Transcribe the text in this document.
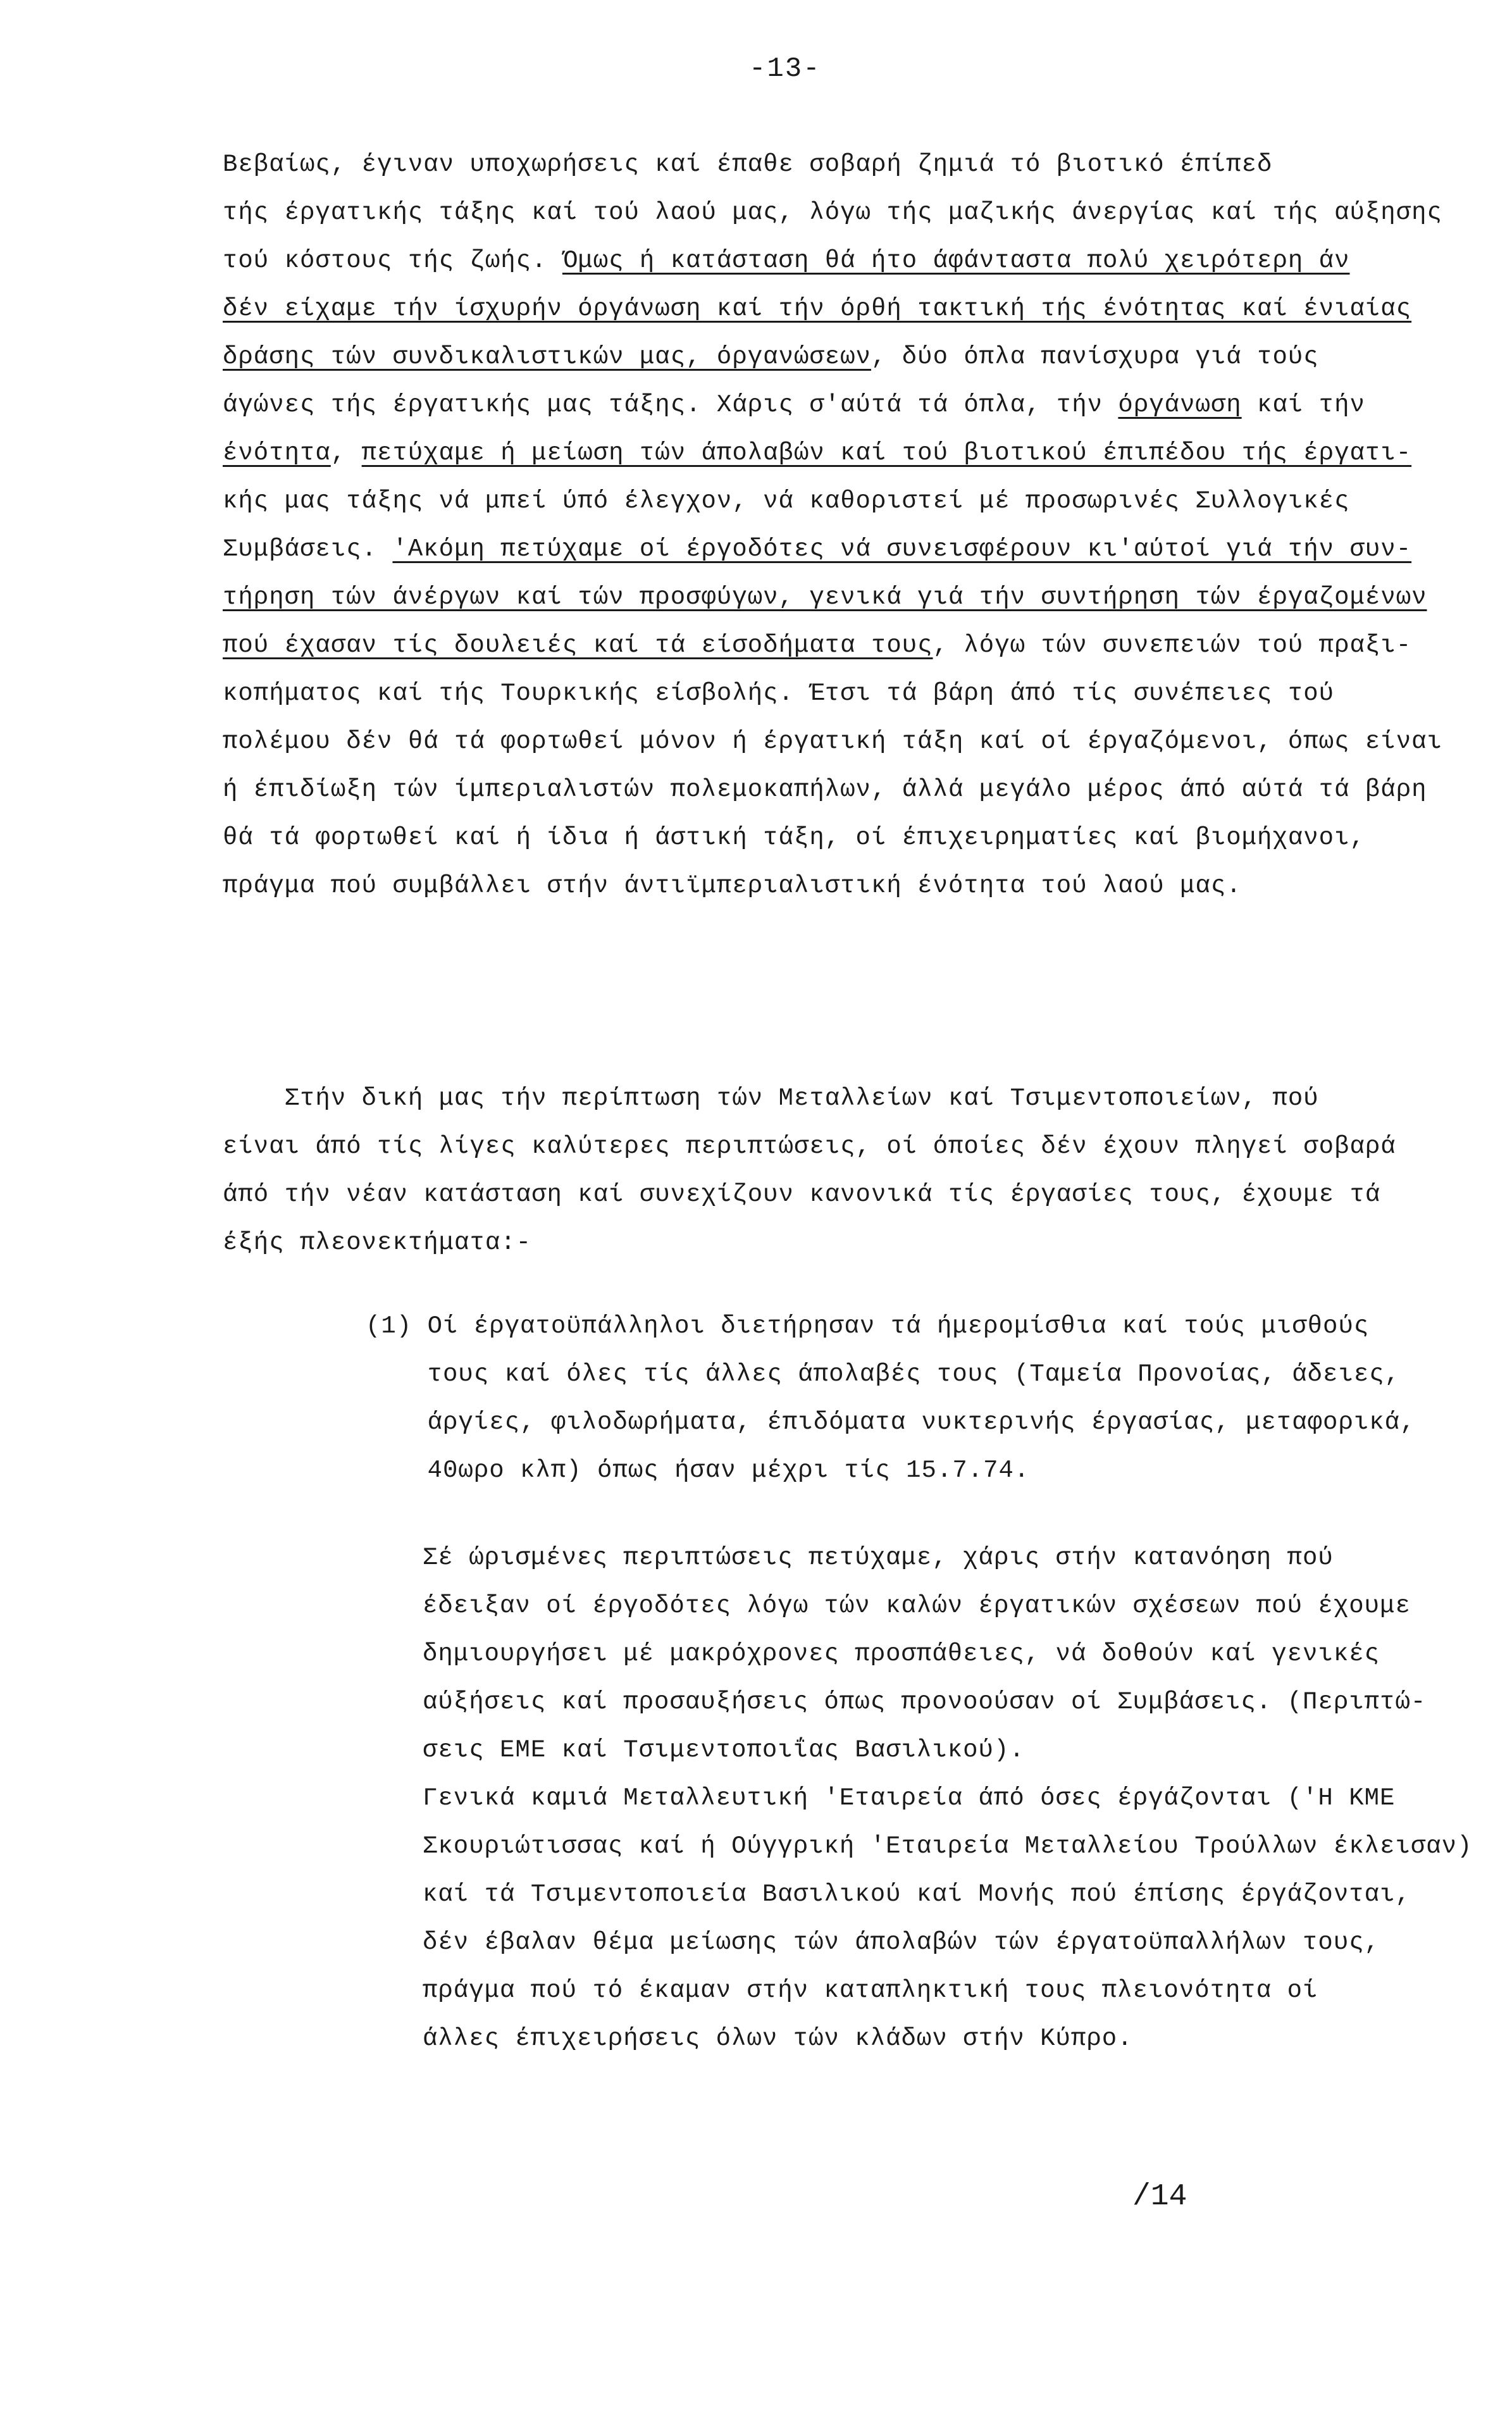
-13-
Βεβαίως, έγιναν υποχωρήσεις καί έπαθε σοβαρή ζημιά τό βιοτικό έπίπεδ
τής έργατικής τάξης καί τού λαού μας, λόγω τής μαζικής άνεργίας καί τής αύξησης
τού κόστους τής ζωής. Όμως ή κατάσταση θά ήτο άφάνταστα πολύ χειρότερη άν
δέν είχαμε τήν ίσχυρήν όργάνωση καί τήν όρθή τακτική τής ένότητας καί ένιαίας
δράσης τών συνδικαλιστικών μας, όργανώσεων, δύο όπλα πανίσχυρα γιά τούς
άγώνες τής έργατικής μας τάξης. Χάρις σ'αύτά τά όπλα, τήν όργάνωση καί τήν
ένότητα, πετύχαμε ή μείωση τών άπολαβών καί τού βιοτικού έπιπέδου τής έργατι-
κής μας τάξης νά μπεί ύπό έλεγχον, νά καθοριστεί μέ προσωρινές Συλλογικές
Συμβάσεις. 'Ακόμη πετύχαμε οί έργοδότες νά συνεισφέρουν κι'αύτοί γιά τήν συν-
τήρηση τών άνέργων καί τών προσφύγων, γενικά γιά τήν συντήρηση τών έργαζομένων
πού έχασαν τίς δουλειές καί τά είσοδήματα τους, λόγω τών συνεπειών τού πραξι-
κοπήματος καί τής Τουρκικής είσβολής. Έτσι τά βάρη άπό τίς συνέπειες τού
πολέμου δέν θά τά φορτωθεί μόνον ή έργατική τάξη καί οί έργαζόμενοι, όπως είναι
ή έπιδίωξη τών ίμπεριαλιστών πολεμοκαπήλων, άλλά μεγάλο μέρος άπό αύτά τά βάρη
θά τά φορτωθεί καί ή ίδια ή άστική τάξη, οί έπιχειρηματίες καί βιομήχανοι,
πράγμα πού συμβάλλει στήν άντιϊμπεριαλιστική ένότητα τού λαού μας.
Στήν δική μας τήν περίπτωση τών Μεταλλείων καί Τσιμεντοποιείων, πού
είναι άπό τίς λίγες καλύτερες περιπτώσεις, οί όποίες δέν έχουν πληγεί σοβαρά
άπό τήν νέαν κατάσταση καί συνεχίζουν κανονικά τίς έργασίες τους, έχουμε τά
έξής πλεονεκτήματα:-
(1) Οί έργατοϋπάλληλοι διετήρησαν τά ήμερομίσθια καί τούς μισθούς
τους καί όλες τίς άλλες άπολαβές τους (Ταμεία Προνοίας, άδειες,
άργίες, φιλοδωρήματα, έπιδόματα νυκτερινής έργασίας, μεταφορικά,
40ωρο κλπ) όπως ήσαν μέχρι τίς 15.7.74.
Σέ ώρισμένες περιπτώσεις πετύχαμε, χάρις στήν κατανόηση πού
έδειξαν οί έργοδότες λόγω τών καλών έργατικών σχέσεων πού έχουμε
δημιουργήσει μέ μακρόχρονες προσπάθειες, νά δοθούν καί γενικές
αύξήσεις καί προσαυξήσεις όπως προνοούσαν οί Συμβάσεις. (Περιπτώ-
σεις ΕΜΕ καί Τσιμεντοποιΐας Βασιλικού).
Γενικά καμιά Μεταλλευτική 'Εταιρεία άπό όσες έργάζονται ('Η ΚΜΕ
Σκουριώτισσας καί ή Ούγγρική 'Εταιρεία Μεταλλείου Τρούλλων έκλεισαν)
καί τά Τσιμεντοποιεία Βασιλικού καί Μονής πού έπίσης έργάζονται,
δέν έβαλαν θέμα μείωσης τών άπολαβών τών έργατοϋπαλλήλων τους,
πράγμα πού τό έκαμαν στήν καταπληκτική τους πλειονότητα οί
άλλες έπιχειρήσεις όλων τών κλάδων στήν Κύπρο.
/14
